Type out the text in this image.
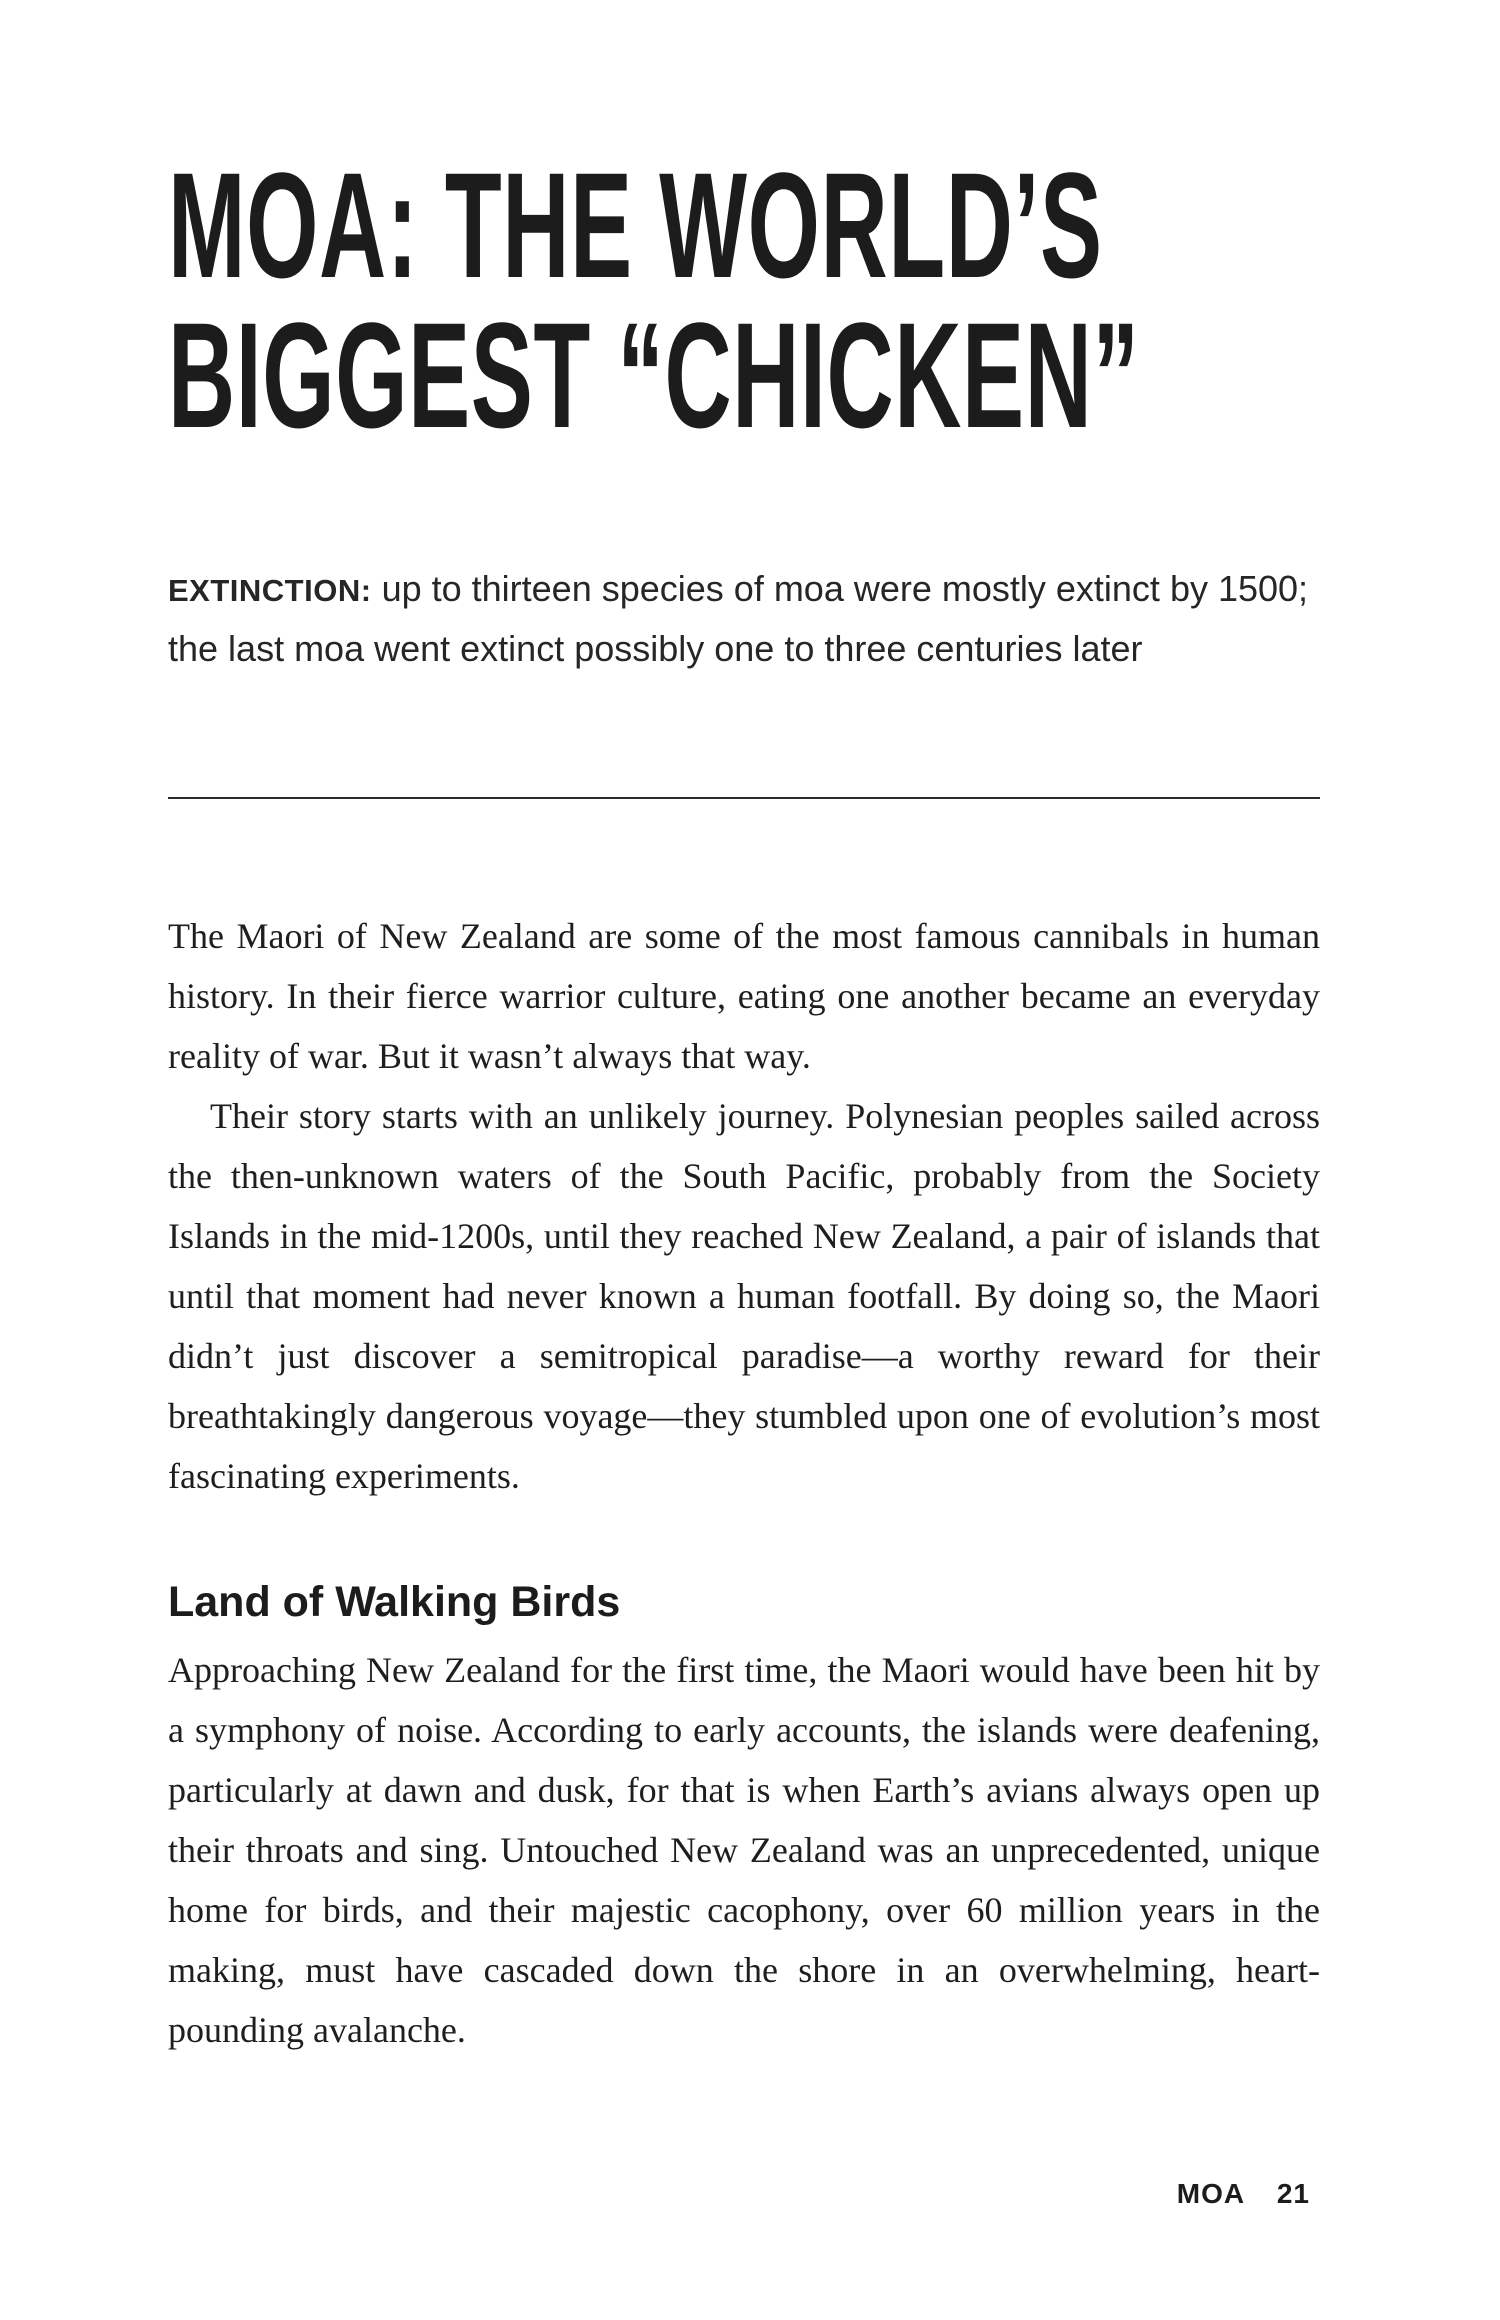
MOA: THE WORLD’S
BIGGEST “CHICKEN”

EXTINCTION: up to thirteen species of moa were mostly extinct by 1500; the last moa went extinct possibly one to three centuries later

The Maori of New Zealand are some of the most famous cannibals in human history. In their fierce warrior culture, eating one another became an everyday reality of war. But it wasn’t always that way.

Their story starts with an unlikely journey. Polynesian peoples sailed across the then-unknown waters of the South Pacific, probably from the Society Islands in the mid-1200s, until they reached New Zealand, a pair of islands that until that moment had never known a human footfall. By doing so, the Maori didn’t just discover a semitropical paradise—a worthy reward for their breathtakingly dangerous voyage—they stumbled upon one of evolution’s most fascinating experiments.

Land of Walking Birds

Approaching New Zealand for the first time, the Maori would have been hit by a symphony of noise. According to early accounts, the islands were deafening, particularly at dawn and dusk, for that is when Earth’s avians always open up their throats and sing. Untouched New Zealand was an unprecedented, unique home for birds, and their majestic cacophony, over 60 million years in the making, must have cascaded down the shore in an overwhelming, heart-pounding avalanche.

MOA 21
